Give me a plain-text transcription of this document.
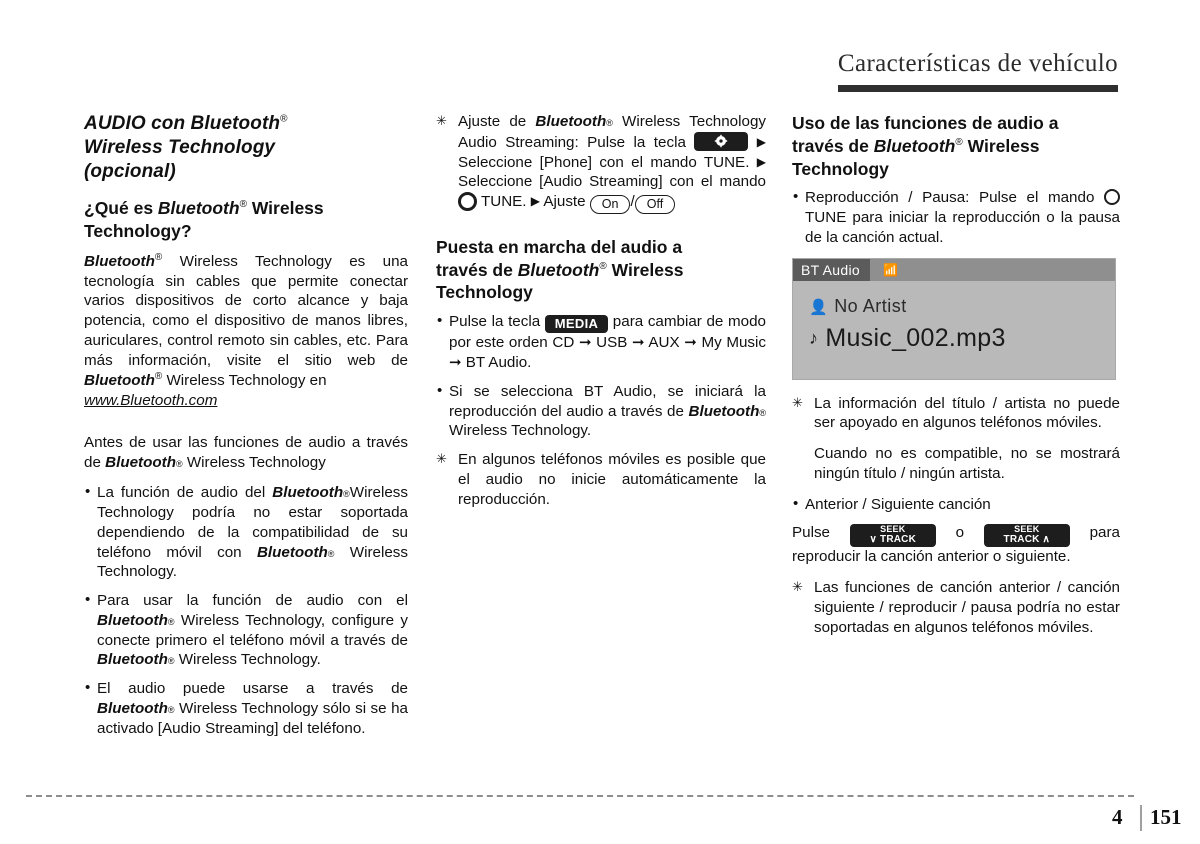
Características de vehículo
AUDIO con Bluetooth®
Wireless Technology
(opcional)
¿Qué es Bluetooth® Wireless
Technology?

Bluetooth® Wireless Technology es una tecnología sin cables que permite conectar varios dispositivos de corto alcance y baja potencia, como el dispositivo de manos libres, auriculares, control remoto sin cables, etc. Para más información, visite el sitio web de Bluetooth® Wireless Technology en
www.Bluetooth.com

Antes de usar las funciones de audio a través de Bluetooth® Wireless Technology

• La función de audio del Bluetooth®Wireless Technology podría no estar soportada dependiendo de la compatibilidad de su teléfono móvil con Bluetooth® Wireless Technology.
• Para usar la función de audio con el Bluetooth® Wireless Technology, configure y conecte primero el teléfono móvil a través de Bluetooth® Wireless Technology.
• El audio puede usarse a través de Bluetooth® Wireless Technology sólo si se ha activado [Audio Streaming] del teléfono.
✳ Ajuste de Bluetooth® Wireless Technology Audio Streaming: Pulse la tecla	▶ Seleccione [Phone] con el mando TUNE. ▶ Seleccione [Audio Streaming] con el mando  TUNE. ▶ Ajuste On / Off
Puesta en marcha del audio a
través de Bluetooth® Wireless
Technology
• Pulse la tecla MEDIA para cambiar de modo por este orden CD ➞ USB ➞ AUX ➞ My Music ➞ BT Audio.
• Si se selecciona BT Audio, se iniciará la reproducción del audio a través de Bluetooth® Wireless Technology.
✳ En algunos teléfonos móviles es posible que el audio no inicie automáticamente la reproducción.
Uso de las funciones de audio a
través de Bluetooth® Wireless
Technology
• Reproducción / Pausa: Pulse el mando TUNE para iniciar la reproducción o la pausa de la canción actual.
BT Audio	📶
👤 No Artist
♪ Music_002.mp3
✳ La información del título / artista no puede ser apoyado en algunos teléfonos móviles.

Cuando no es compatible, no se mostrará ningún título / ningún artista.

• Anterior / Siguiente canción

Pulse	SEEK
∨ TRACK	o	SEEK
TRACK ∧	para reproducir la canción anterior o siguiente.

✳ Las funciones de canción anterior / canción siguiente / reproducir / pausa podría no estar soportadas en algunos teléfonos móviles.
4 151
